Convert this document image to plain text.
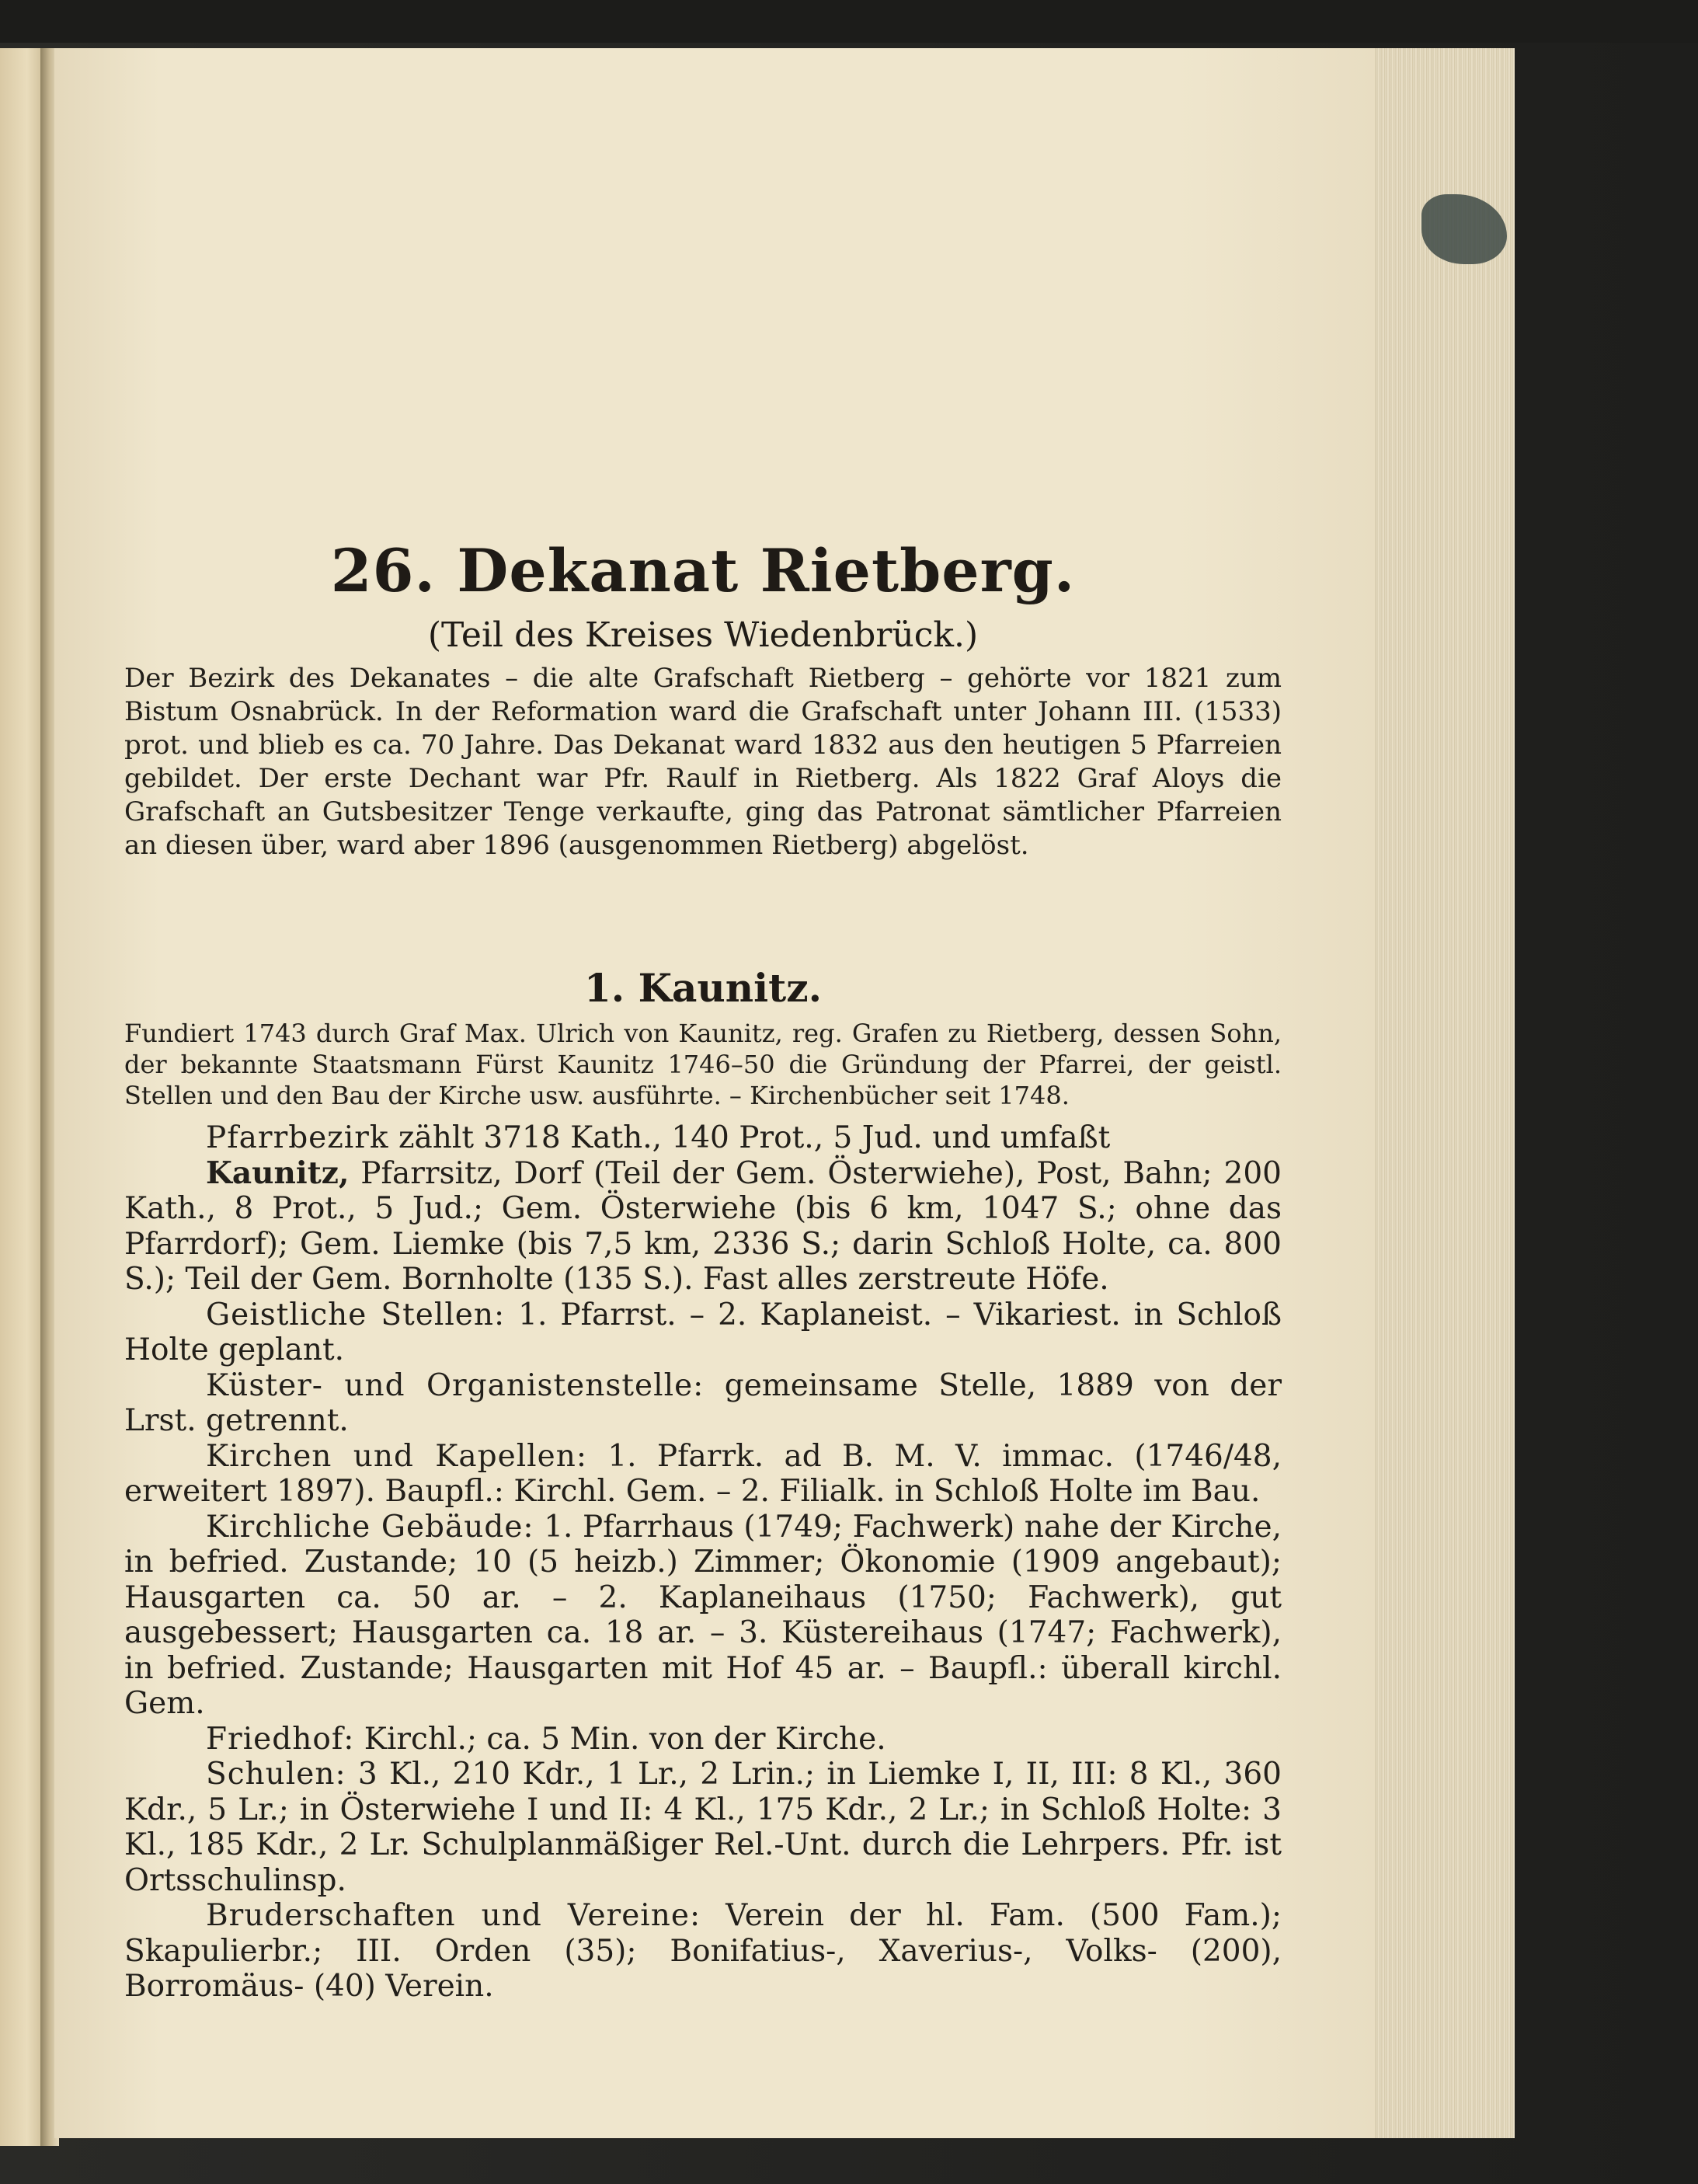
26. Dekanat Rietberg.
(Teil des Kreises Wiedenbrück.)

Der Bezirk des Dekanates – die alte Grafschaft Rietberg – gehörte vor 1821 zum Bistum Osnabrück. In der Reformation ward die Grafschaft unter Johann III. (1533) prot. und blieb es ca. 70 Jahre. Das Dekanat ward 1832 aus den heutigen 5 Pfarreien gebildet. Der erste Dechant war Pfr. Raulf in Rietberg. Als 1822 Graf Aloys die Grafschaft an Gutsbesitzer Tenge verkaufte, ging das Patronat sämtlicher Pfarreien an diesen über, ward aber 1896 (ausgenommen Rietberg) abgelöst.

1. Kaunitz.

Fundiert 1743 durch Graf Max. Ulrich von Kaunitz, reg. Grafen zu Rietberg, dessen Sohn, der bekannte Staatsmann Fürst Kaunitz 1746–50 die Gründung der Pfarrei, der geistl. Stellen und den Bau der Kirche usw. ausführte. – Kirchenbücher seit 1748.

Pfarrbezirk zählt 3718 Kath., 140 Prot., 5 Jud. und umfaßt

Kaunitz, Pfarrsitz, Dorf (Teil der Gem. Österwiehe), Post, Bahn; 200 Kath., 8 Prot., 5 Jud.; Gem. Österwiehe (bis 6 km, 1047 S.; ohne das Pfarrdorf); Gem. Liemke (bis 7,5 km, 2336 S.; darin Schloß Holte, ca. 800 S.); Teil der Gem. Bornholte (135 S.). Fast alles zerstreute Höfe.

Geistliche Stellen: 1. Pfarrst. – 2. Kaplaneist. – Vikariest. in Schloß Holte geplant.

Küster- und Organistenstelle: gemeinsame Stelle, 1889 von der Lrst. getrennt.

Kirchen und Kapellen: 1. Pfarrk. ad B. M. V. immac. (1746/48, erweitert 1897). Baupfl.: Kirchl. Gem. – 2. Filialk. in Schloß Holte im Bau.

Kirchliche Gebäude: 1. Pfarrhaus (1749; Fachwerk) nahe der Kirche, in befried. Zustande; 10 (5 heizb.) Zimmer; Ökonomie (1909 angebaut); Hausgarten ca. 50 ar. – 2. Kaplaneihaus (1750; Fachwerk), gut ausgebessert; Hausgarten ca. 18 ar. – 3. Küstereihaus (1747; Fachwerk), in befried. Zustande; Hausgarten mit Hof 45 ar. – Baupfl.: überall kirchl. Gem.

Friedhof: Kirchl.; ca. 5 Min. von der Kirche.

Schulen: 3 Kl., 210 Kdr., 1 Lr., 2 Lrin.; in Liemke I, II, III: 8 Kl., 360 Kdr., 5 Lr.; in Österwiehe I und II: 4 Kl., 175 Kdr., 2 Lr.; in Schloß Holte: 3 Kl., 185 Kdr., 2 Lr. Schulplanmäßiger Rel.-Unt. durch die Lehrpers. Pfr. ist Ortsschulinsp.

Bruderschaften und Vereine: Verein der hl. Fam. (500 Fam.); Skapulierbr.; III. Orden (35); Bonifatius-, Xaverius-, Volks- (200), Borromäus- (40) Verein.
